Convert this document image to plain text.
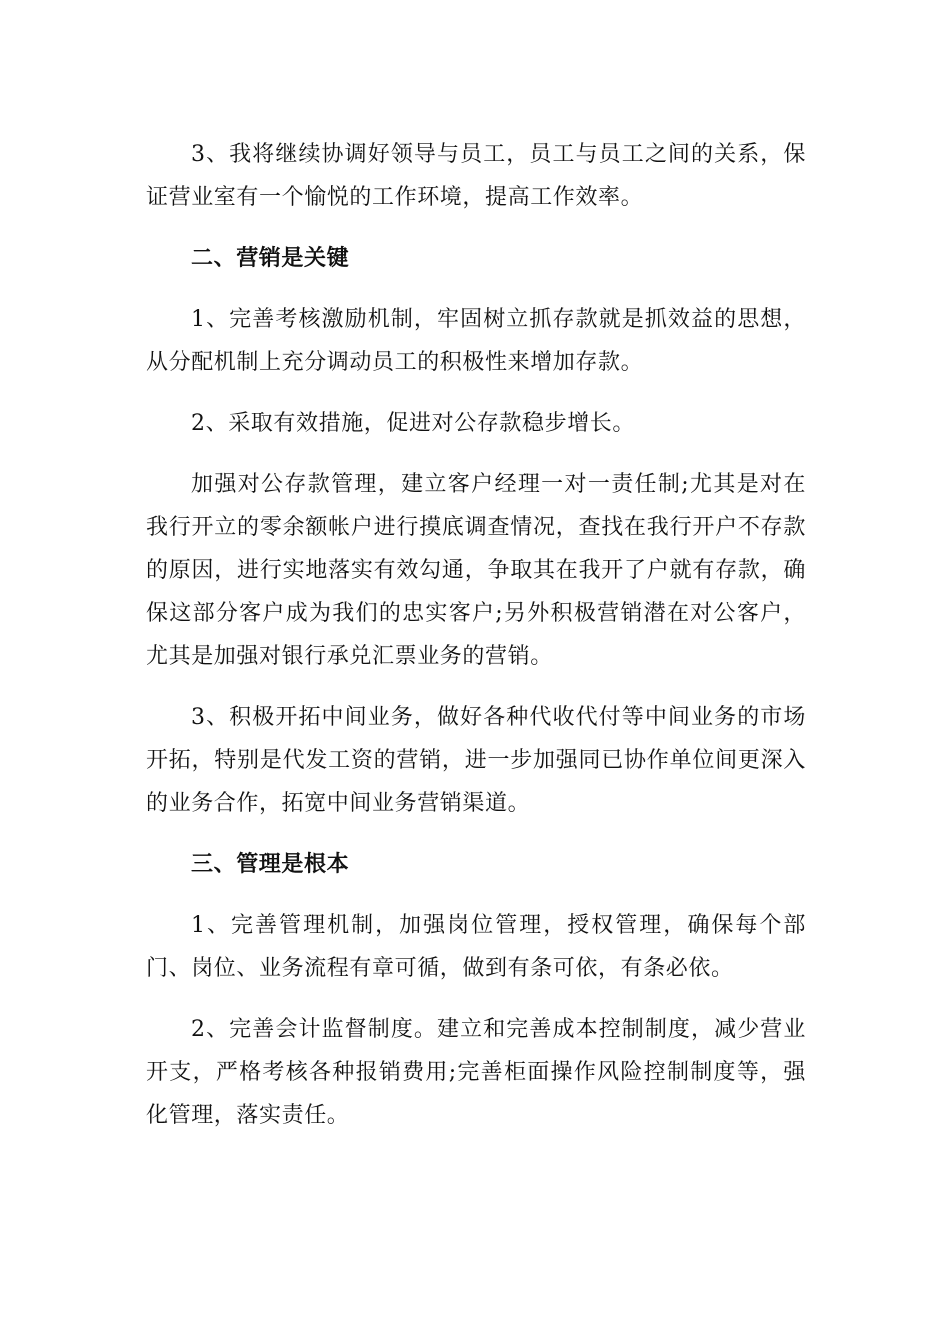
3、我将继续协调好领导与员工，员工与员工之间的关系，保证营业室有一个愉悦的工作环境，提高工作效率。

二、营销是关键

1、完善考核激励机制，牢固树立抓存款就是抓效益的思想，从分配机制上充分调动员工的积极性来增加存款。

2、采取有效措施，促进对公存款稳步增长。

加强对公存款管理，建立客户经理一对一责任制;尤其是对在我行开立的零余额帐户进行摸底调查情况，查找在我行开户不存款的原因，进行实地落实有效勾通，争取其在我开了户就有存款，确保这部分客户成为我们的忠实客户;另外积极营销潜在对公客户，尤其是加强对银行承兑汇票业务的营销。

3、积极开拓中间业务，做好各种代收代付等中间业务的市场开拓，特别是代发工资的营销，进一步加强同已协作单位间更深入的业务合作，拓宽中间业务营销渠道。

三、管理是根本

1、完善管理机制，加强岗位管理，授权管理，确保每个部门、岗位、业务流程有章可循，做到有条可依，有条必依。

2、完善会计监督制度。建立和完善成本控制制度，减少营业开支，严格考核各种报销费用;完善柜面操作风险控制制度等，强化管理，落实责任。
